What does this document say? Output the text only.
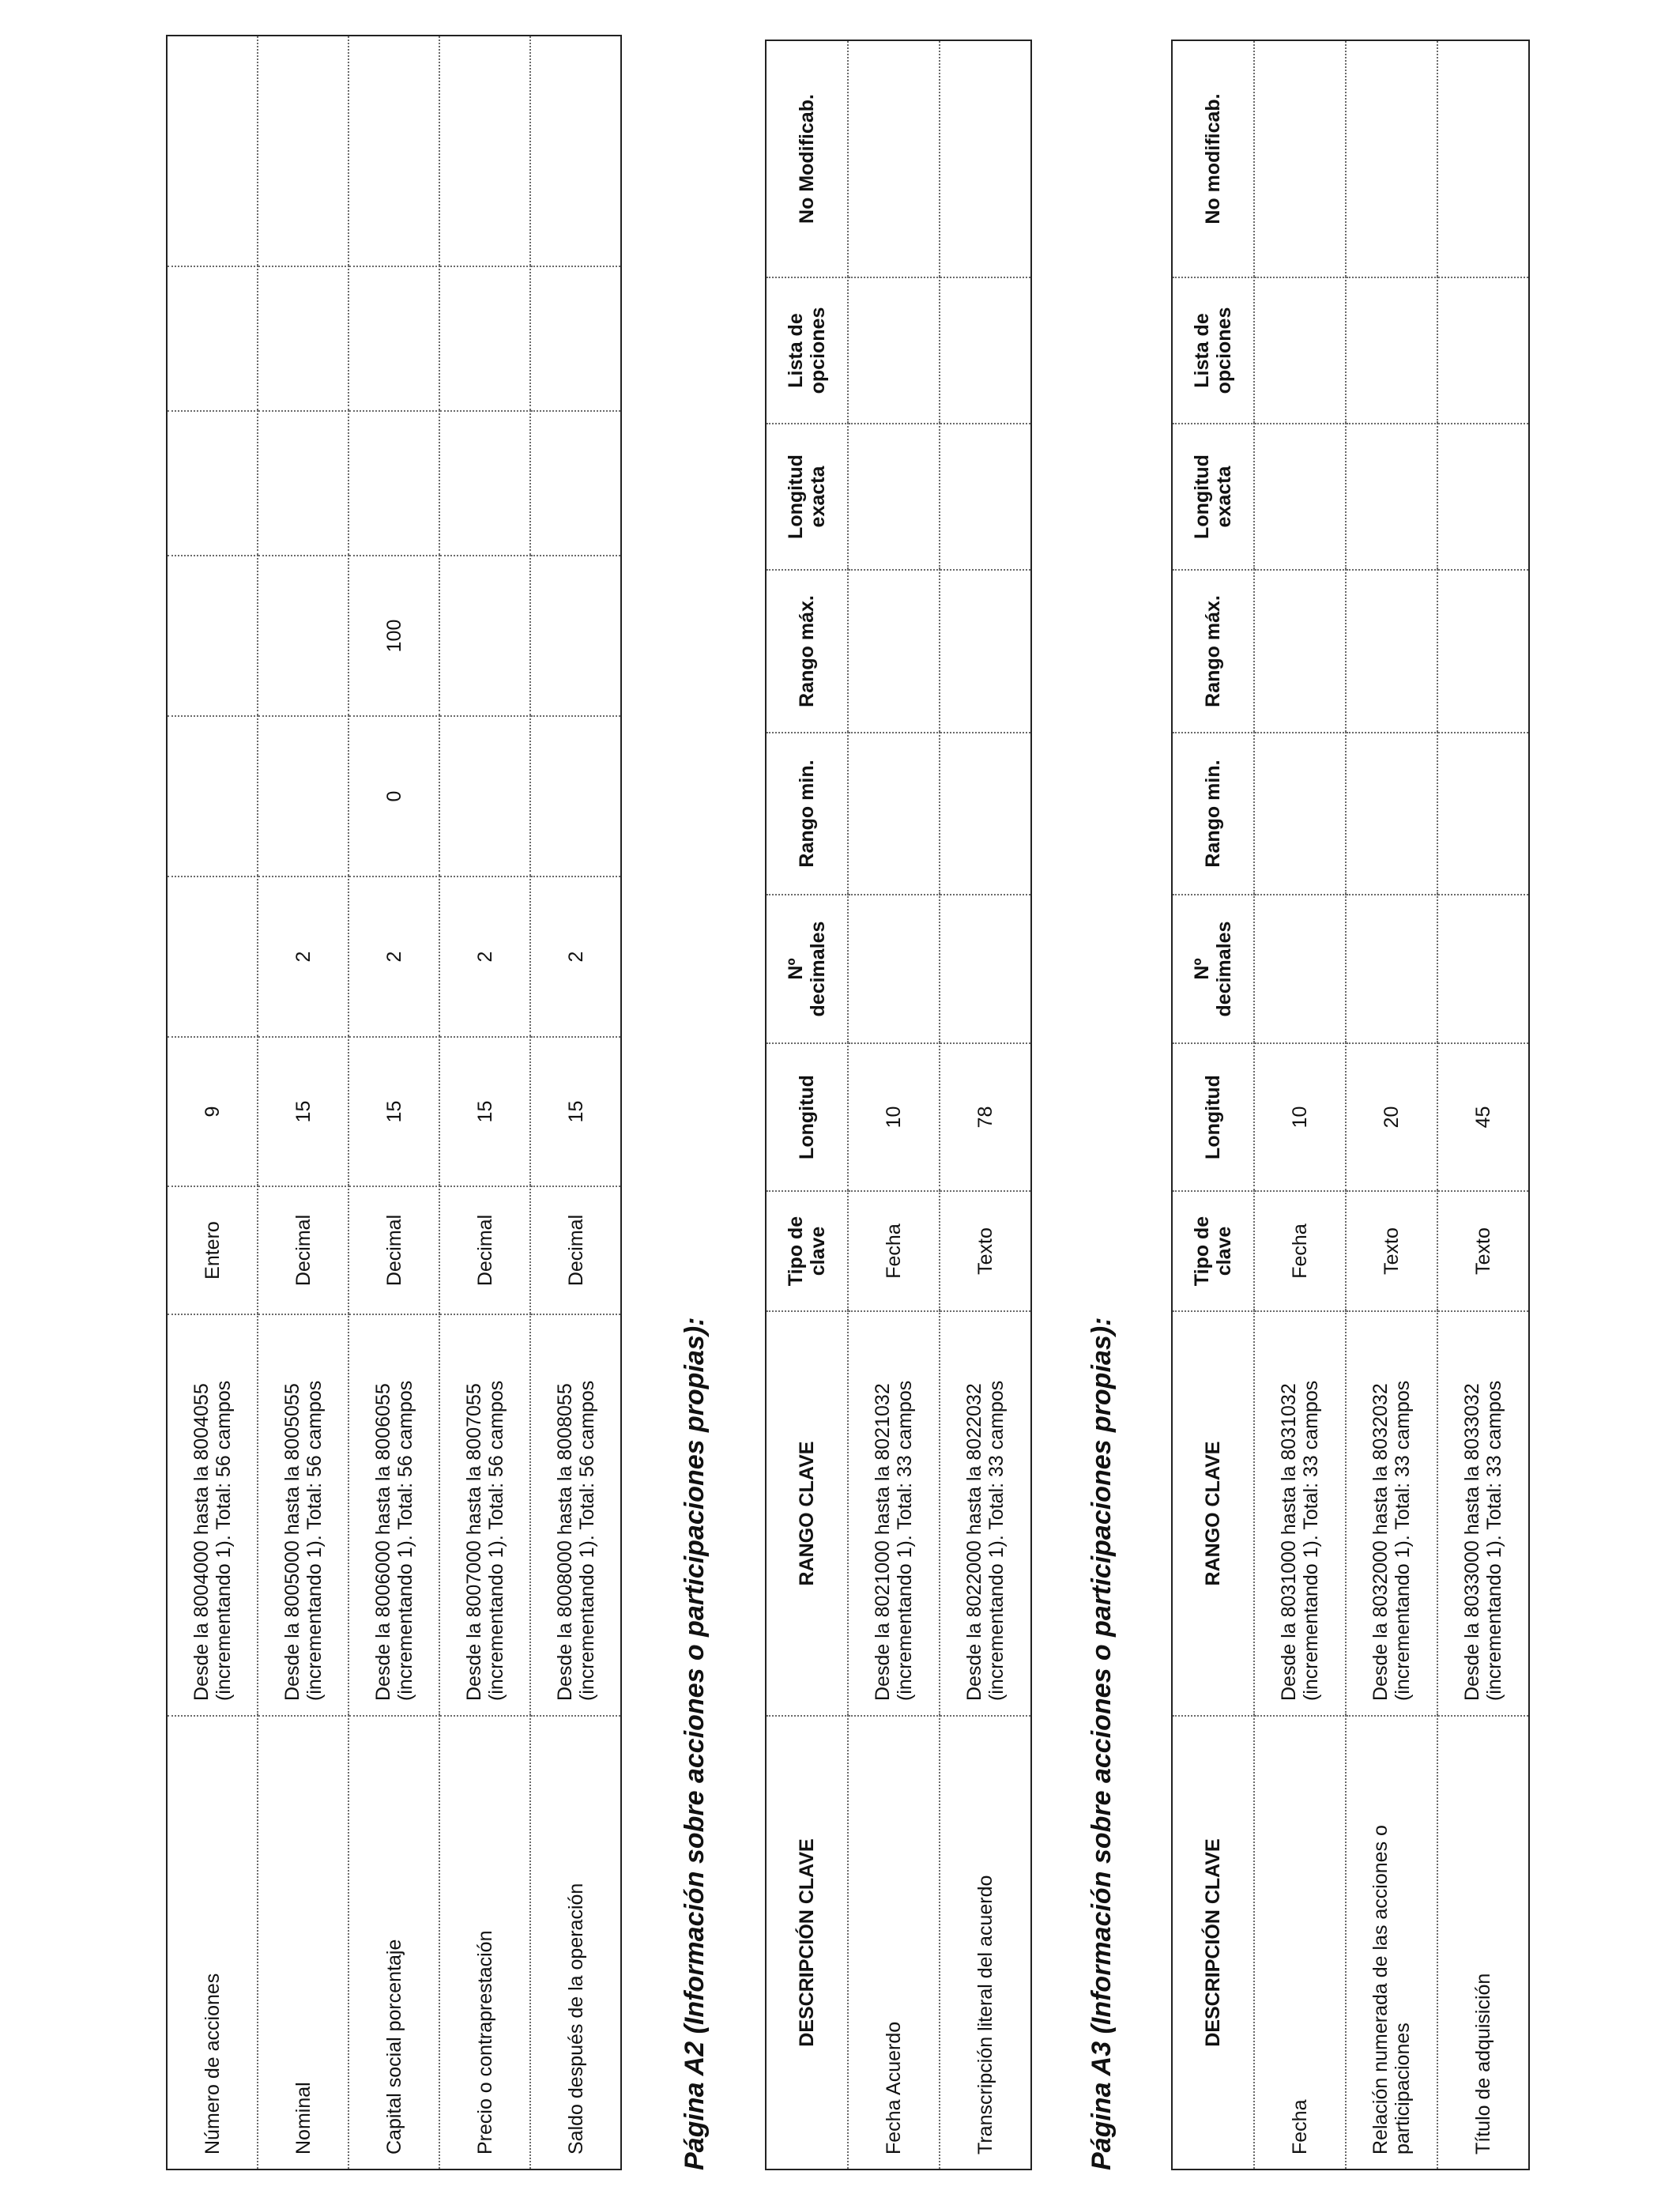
Número de acciones	Desde la 8004000 hasta la 8004055 (incrementando 1). Total: 56 campos	Entero	9						
Nominal	Desde la 8005000 hasta la 8005055 (incrementando 1). Total: 56 campos	Decimal	15	2					
Capital social porcentaje	Desde la 8006000 hasta la 8006055 (incrementando 1). Total: 56 campos	Decimal	15	2	0	100			
Precio o contraprestación	Desde la 8007000 hasta la 8007055 (incrementando 1). Total: 56 campos	Decimal	15	2					
Saldo después de la operación	Desde la 8008000 hasta la 8008055 (incrementando 1). Total: 56 campos	Decimal	15	2					
Página A2 (Información sobre acciones o participaciones propias):	DESCRIPCIÓN CLAVE	RANGO CLAVE	Tipo de clave	Longitud	Nº decimales	Rango min.	Rango máx.	Longitud exacta	Lista de opciones	No Modificab.
Fecha Acuerdo	Desde la 8021000 hasta la 8021032 (incrementando 1). Total: 33 campos	Fecha	10						
Transcripción literal del acuerdo	Desde la 8022000 hasta la 8022032 (incrementando 1). Total: 33 campos	Texto	78						
Página A3 (Información sobre acciones o participaciones propias):	DESCRIPCIÓN CLAVE	RANGO CLAVE	Tipo de clave	Longitud	Nº decimales	Rango min.	Rango máx.	Longitud exacta	Lista de opciones	No modificab.
Fecha	Desde la 8031000 hasta la 8031032 (incrementando 1). Total: 33 campos	Fecha	10						
Relación numerada de las acciones o participaciones	Desde la 8032000 hasta la 8032032 (incrementando 1). Total: 33 campos	Texto	20						
Título de adquisición	Desde la 8033000 hasta la 8033032 (incrementando 1). Total: 33 campos	Texto	45						
